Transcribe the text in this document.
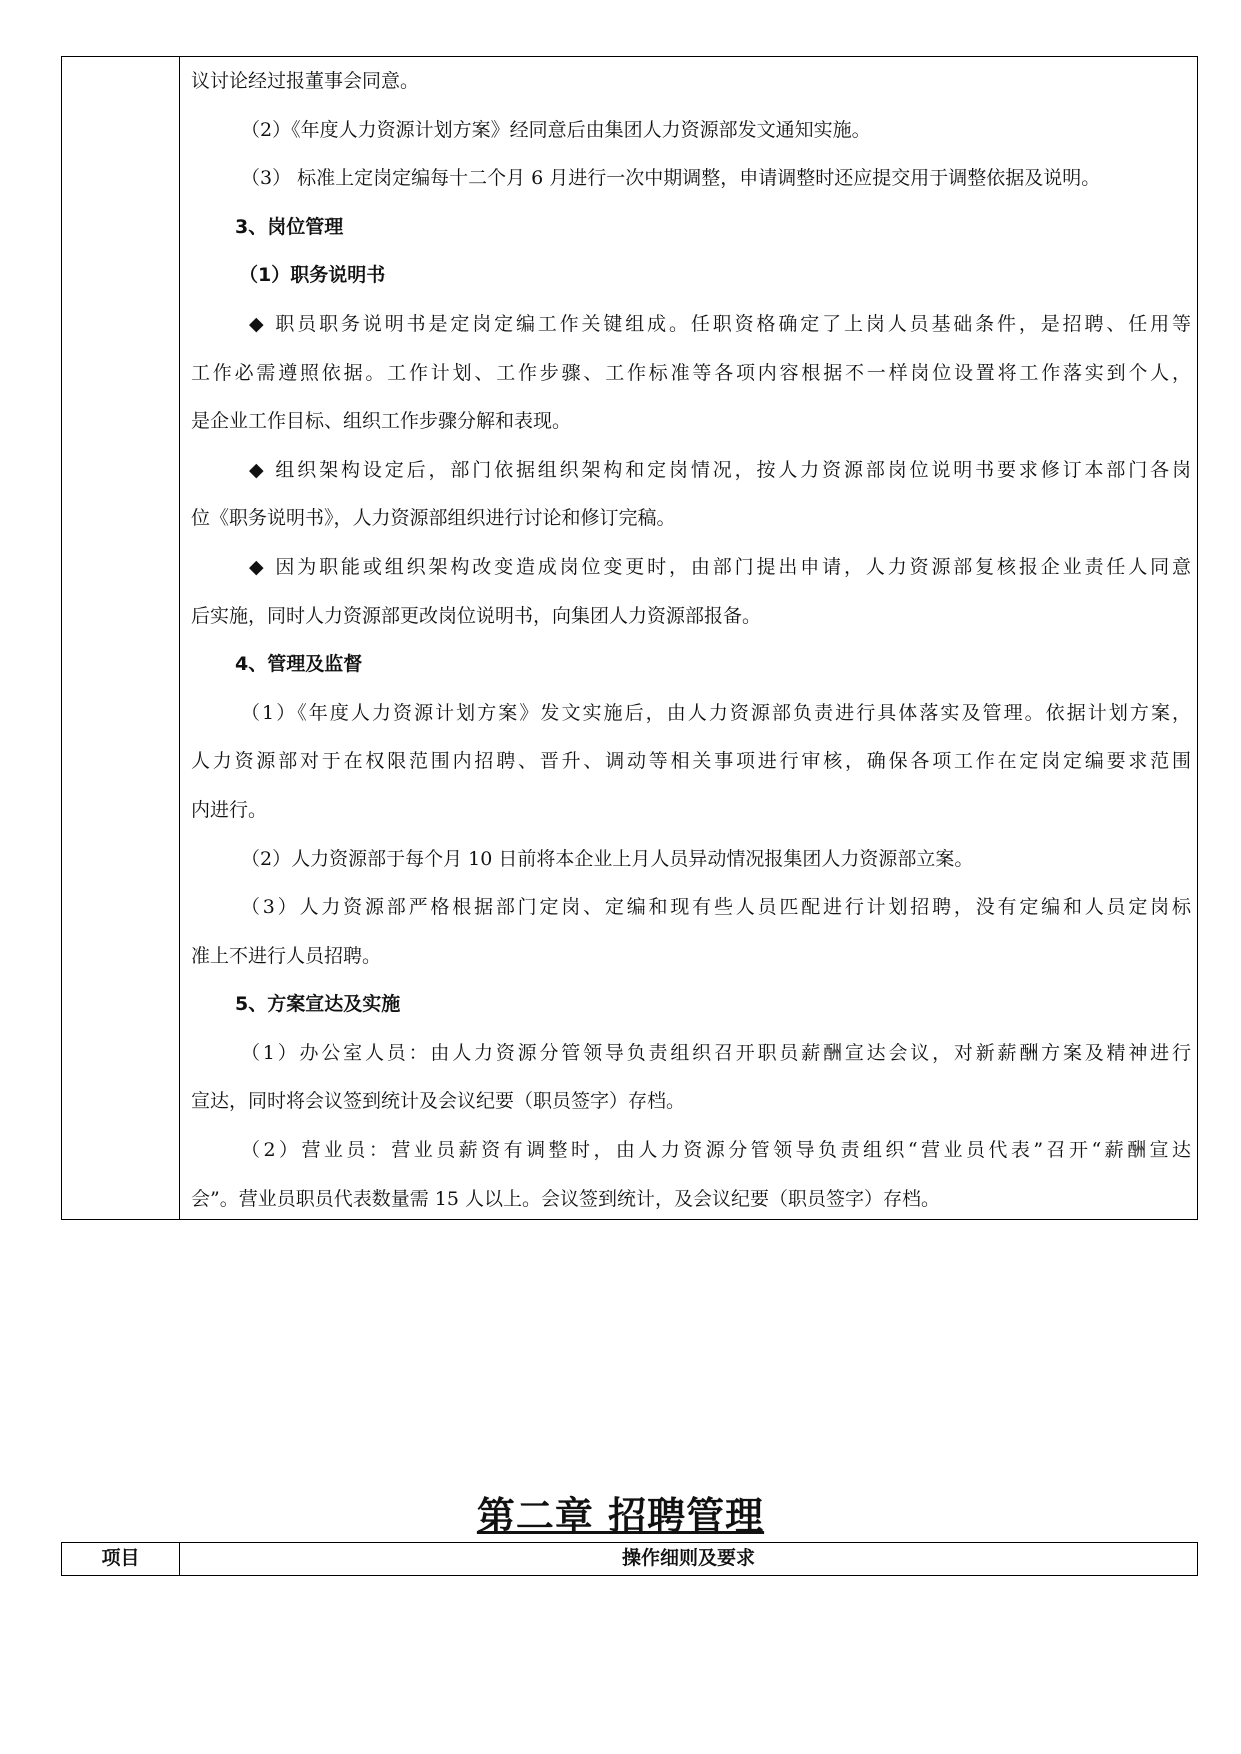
议讨论经过报董事会同意。
（2）《年度人力资源计划方案》经同意后由集团人力资源部发文通知实施。
（3） 标准上定岗定编每十二个月 6 月进行一次中期调整，申请调整时还应提交用于调整依据及说明。
3、岗位管理
（1）职务说明书
◆ 职员职务说明书是定岗定编工作关键组成。任职资格确定了上岗人员基础条件，是招聘、任用等
工作必需遵照依据。工作计划、工作步骤、工作标准等各项内容根据不一样岗位设置将工作落实到个人，
是企业工作目标、组织工作步骤分解和表现。
◆ 组织架构设定后，部门依据组织架构和定岗情况，按人力资源部岗位说明书要求修订本部门各岗
位《职务说明书》，人力资源部组织进行讨论和修订完稿。
◆ 因为职能或组织架构改变造成岗位变更时，由部门提出申请，人力资源部复核报企业责任人同意
后实施，同时人力资源部更改岗位说明书，向集团人力资源部报备。
4、管理及监督
（1）《年度人力资源计划方案》发文实施后，由人力资源部负责进行具体落实及管理。依据计划方案，
人力资源部对于在权限范围内招聘、晋升、调动等相关事项进行审核，确保各项工作在定岗定编要求范围
内进行。
（2）人力资源部于每个月 10 日前将本企业上月人员异动情况报集团人力资源部立案。
（3）人力资源部严格根据部门定岗、定编和现有些人员匹配进行计划招聘，没有定编和人员定岗标
准上不进行人员招聘。
5、方案宣达及实施
（1）办公室人员：由人力资源分管领导负责组织召开职员薪酬宣达会议，对新薪酬方案及精神进行
宣达，同时将会议签到统计及会议纪要（职员签字）存档。
（2）营业员：营业员薪资有调整时，由人力资源分管领导负责组织“营业员代表”召开“薪酬宣达
会”。营业员职员代表数量需 15 人以上。会议签到统计，及会议纪要（职员签字）存档。
第二章 招聘管理
项目	操作细则及要求
